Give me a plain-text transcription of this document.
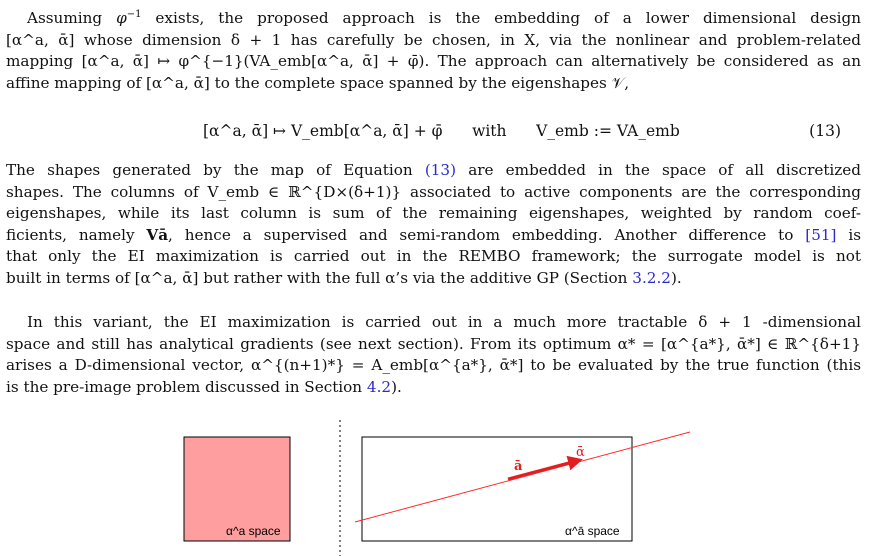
Assuming $\varphi^{-1}$ exists, the proposed approach is the embedding of a lower dimensional design
[α^a, ᾱ] whose dimension δ + 1 has carefully be chosen, in X, via the nonlinear and problem-related
mapping [α^a, ᾱ] ↦ φ^{−1}(VA_emb[α^a, ᾱ] + φ̄). The approach can alternatively be considered as an
affine mapping of [α^a, ᾱ] to the complete space spanned by the eigenshapes 𝒱,
[α^a, ᾱ] ↦ V_emb[α^a, ᾱ] + φ̄ with V_emb := VA_emb	(13)
The shapes generated by the map of Equation (13) are embedded in the space of all discretized
shapes. The columns of V_emb ∈ ℝ^{D×(δ+1)} associated to active components are the corresponding
eigenshapes, while its last column is sum of the remaining eigenshapes, weighted by random coef-
ficients, namely Vā, hence a supervised and semi-random embedding. Another difference to [51] is
that only the EI maximization is carried out in the REMBO framework; the surrogate model is not
built in terms of [α^a, ᾱ] but rather with the full α’s via the additive GP (Section 3.2.2).
In this variant, the EI maximization is carried out in a much more tractable δ + 1 -dimensional
space and still has analytical gradients (see next section). From its optimum α* = [α^{a*}, ᾱ*] ∈ ℝ^{δ+1}
arises a D-dimensional vector, α^{(n+1)*} = A_emb[α^{a*}, ᾱ*] to be evaluated by the true function (this
is the pre-image problem discussed in Section 4.2).
α^a space	α^ā space
ā
ᾱ
